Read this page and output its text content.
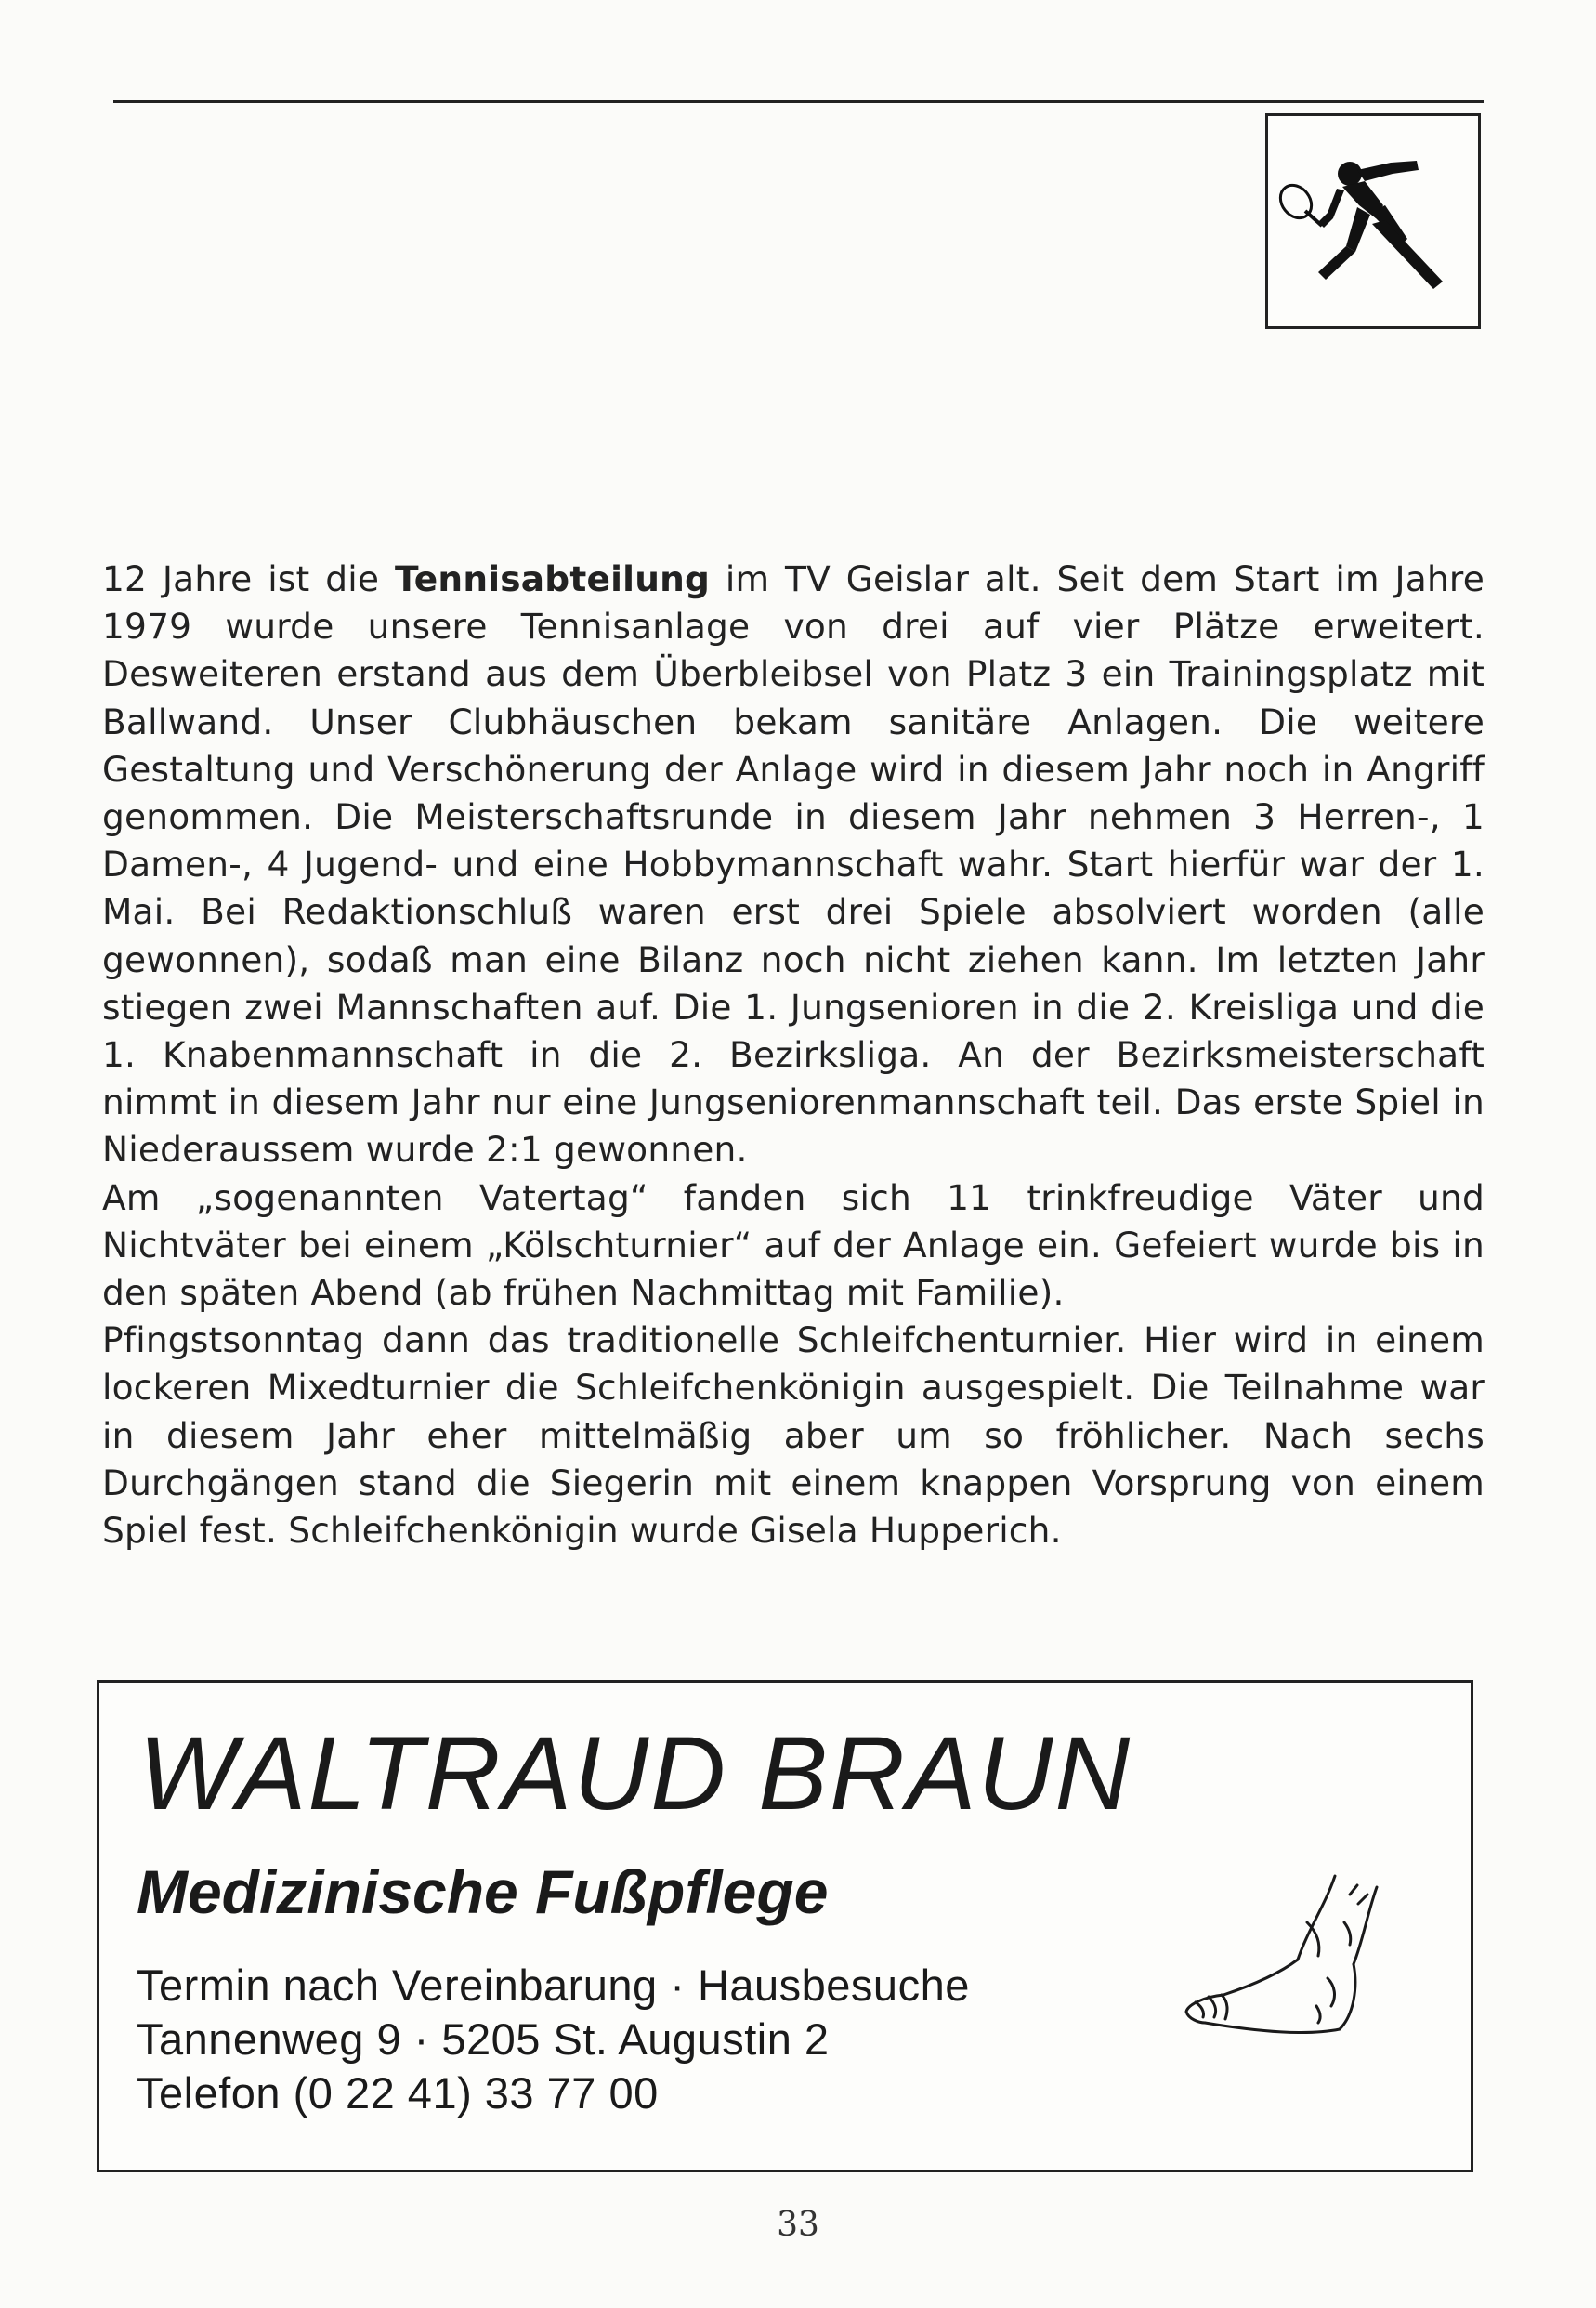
12 Jahre ist die Tennisabteilung im TV Geislar alt. Seit dem Start im Jahre 1979 wurde unsere Tennisanlage von drei auf vier Plätze erweitert. Desweiteren erstand aus dem Überbleibsel von Platz 3 ein Trainingsplatz mit Ballwand. Unser Clubhäuschen bekam sanitäre Anlagen. Die weitere Gestaltung und Verschönerung der Anlage wird in diesem Jahr noch in Angriff genommen. Die Meisterschaftsrunde in diesem Jahr nehmen 3 Herren-, 1 Damen-, 4 Jugend- und eine Hobbymannschaft wahr. Start hierfür war der 1. Mai. Bei Redaktionschluß waren erst drei Spiele absolviert worden (alle gewonnen), sodaß man eine Bilanz noch nicht ziehen kann. Im letzten Jahr stiegen zwei Mannschaften auf. Die 1. Jungsenioren in die 2. Kreisliga und die 1. Knabenmannschaft in die 2. Bezirksliga. An der Bezirksmeisterschaft nimmt in diesem Jahr nur eine Jungseniorenmannschaft teil. Das erste Spiel in Niederaussem wurde 2:1 gewonnen.

Am „sogenannten Vatertag“ fanden sich 11 trinkfreudige Väter und Nichtväter bei einem „Kölschturnier“ auf der Anlage ein. Gefeiert wurde bis in den späten Abend (ab frühen Nachmittag mit Familie).

Pfingstsonntag dann das traditionelle Schleifchenturnier. Hier wird in einem lockeren Mixedturnier die Schleifchenkönigin ausgespielt. Die Teilnahme war in diesem Jahr eher mittelmäßig aber um so fröhlicher. Nach sechs Durchgängen stand die Siegerin mit einem knappen Vorsprung von einem Spiel fest. Schleifchenkönigin wurde Gisela Hupperich.

WALTRAUD BRAUN
Medizinische Fußpflege
Termin nach Vereinbarung · Hausbesuche
Tannenweg 9 · 5205 St. Augustin 2
Telefon (0 22 41) 33 77 00
33
